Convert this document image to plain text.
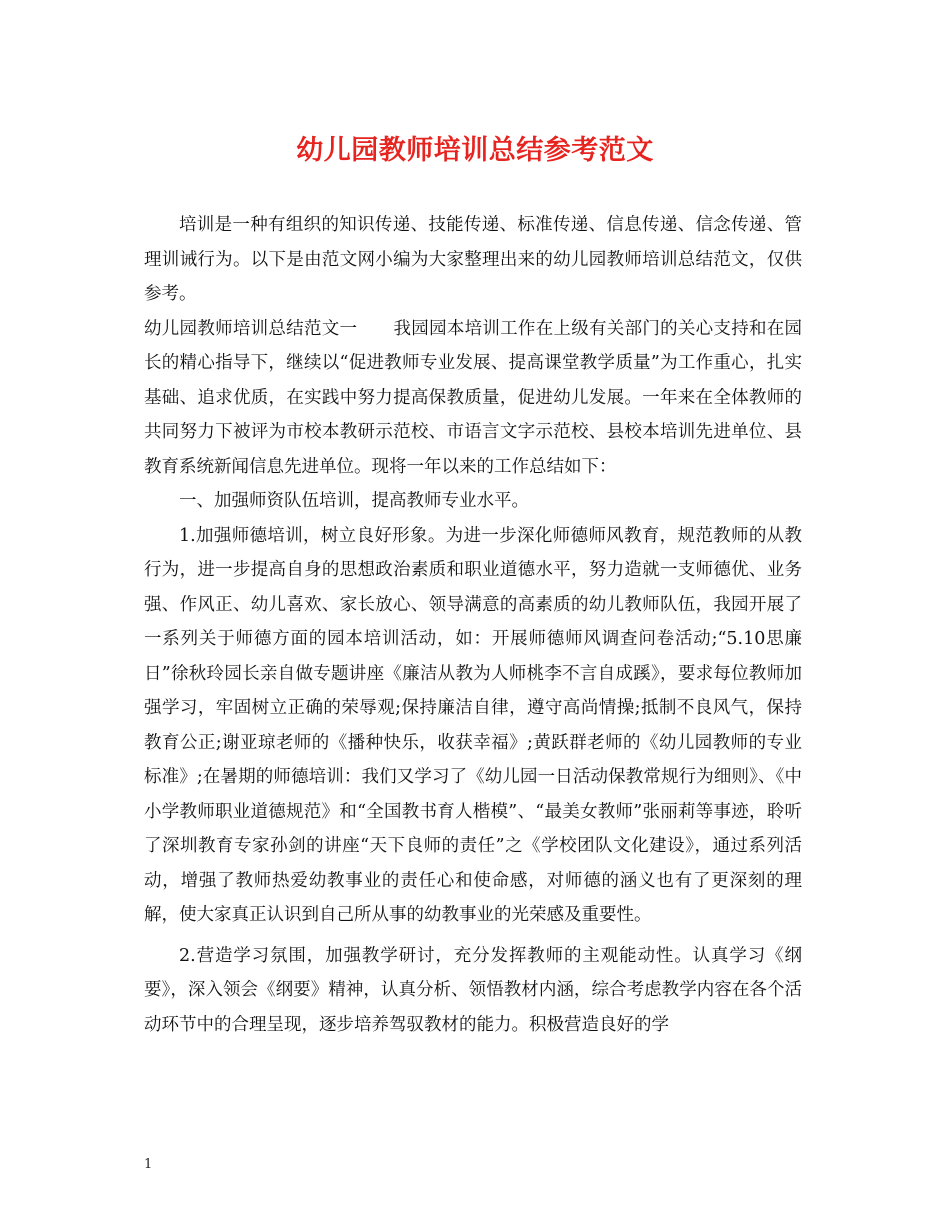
幼儿园教师培训总结参考范文

培训是一种有组织的知识传递、技能传递、标准传递、信息传递、信念传递、管理训诫行为。以下是由范文网小编为大家整理出来的幼儿园教师培训总结范文，仅供参考。

幼儿园教师培训总结范文一 我园园本培训工作在上级有关部门的关心支持和在园长的精心指导下，继续以“促进教师专业发展、提高课堂教学质量”为工作重心，扎实基础、追求优质，在实践中努力提高保教质量，促进幼儿发展。一年来在全体教师的共同努力下被评为市校本教研示范校、市语言文字示范校、县校本培训先进单位、县教育系统新闻信息先进单位。现将一年以来的工作总结如下：

一、加强师资队伍培训，提高教师专业水平。

1.加强师德培训，树立良好形象。为进一步深化师德师风教育，规范教师的从教行为，进一步提高自身的思想政治素质和职业道德水平，努力造就一支师德优、业务强、作风正、幼儿喜欢、家长放心、领导满意的高素质的幼儿教师队伍，我园开展了一系列关于师德方面的园本培训活动，如：开展师德师风调查问卷活动;“5.10思廉日”徐秋玲园长亲自做专题讲座《廉洁从教为人师桃李不言自成蹊》，要求每位教师加强学习，牢固树立正确的荣辱观;保持廉洁自律，遵守高尚情操;抵制不良风气，保持教育公正;谢亚琼老师的《播种快乐，收获幸福》;黄跃群老师的《幼儿园教师的专业标准》;在暑期的师德培训：我们又学习了《幼儿园一日活动保教常规行为细则》、《中小学教师职业道德规范》和“全国教书育人楷模”、“最美女教师”张丽莉等事迹，聆听了深圳教育专家孙剑的讲座“天下良师的责任”之《学校团队文化建设》，通过系列活动，增强了教师热爱幼教事业的责任心和使命感，对师德的涵义也有了更深刻的理解，使大家真正认识到自己所从事的幼教事业的光荣感及重要性。

2.营造学习氛围，加强教学研讨，充分发挥教师的主观能动性。认真学习《纲要》，深入领会《纲要》精神，认真分析、领悟教材内涵，综合考虑教学内容在各个活动环节中的合理呈现，逐步培养驾驭教材的能力。积极营造良好的学

1
